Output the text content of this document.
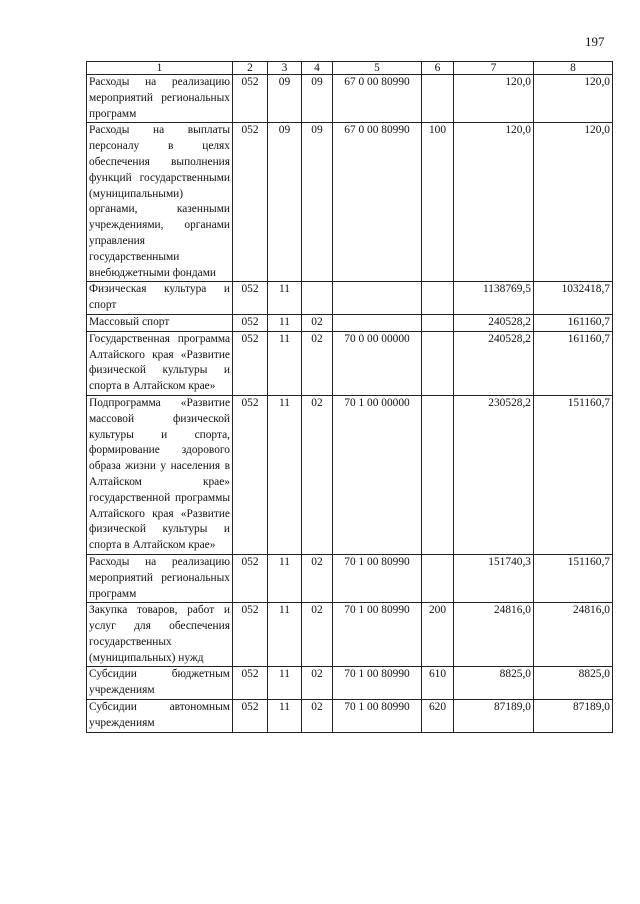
197
1	2	3	4	5	6	7	8
Расходы на реализацию мероприятий региональных программ	052	09	09	67 0 00 80990		120,0	120,0
Расходы на выплаты персоналу в целях обеспечения выполнения функций государственными (муниципальными) органами, казенными учреждениями, органами управления государственными внебюджетными фондами	052	09	09	67 0 00 80990	100	120,0	120,0
Физическая культура и спорт	052	11				1138769,5	1032418,7
Массовый спорт	052	11	02			240528,2	161160,7
Государственная программа Алтайского края «Развитие физической культуры и спорта в Алтайском крае»	052	11	02	70 0 00 00000		240528,2	161160,7
Подпрограмма «Развитие массовой физической культуры и спорта, формирование здорового образа жизни у населения в Алтайском крае» государственной программы Алтайского края «Развитие физической культуры и спорта в Алтайском крае»	052	11	02	70 1 00 00000		230528,2	151160,7
Расходы на реализацию мероприятий региональных программ	052	11	02	70 1 00 80990		151740,3	151160,7
Закупка товаров, работ и услуг для обеспечения государственных (муниципальных) нужд	052	11	02	70 1 00 80990	200	24816,0	24816,0
Субсидии бюджетным учреждениям	052	11	02	70 1 00 80990	610	8825,0	8825,0
Субсидии автономным учреждениям	052	11	02	70 1 00 80990	620	87189,0	87189,0
